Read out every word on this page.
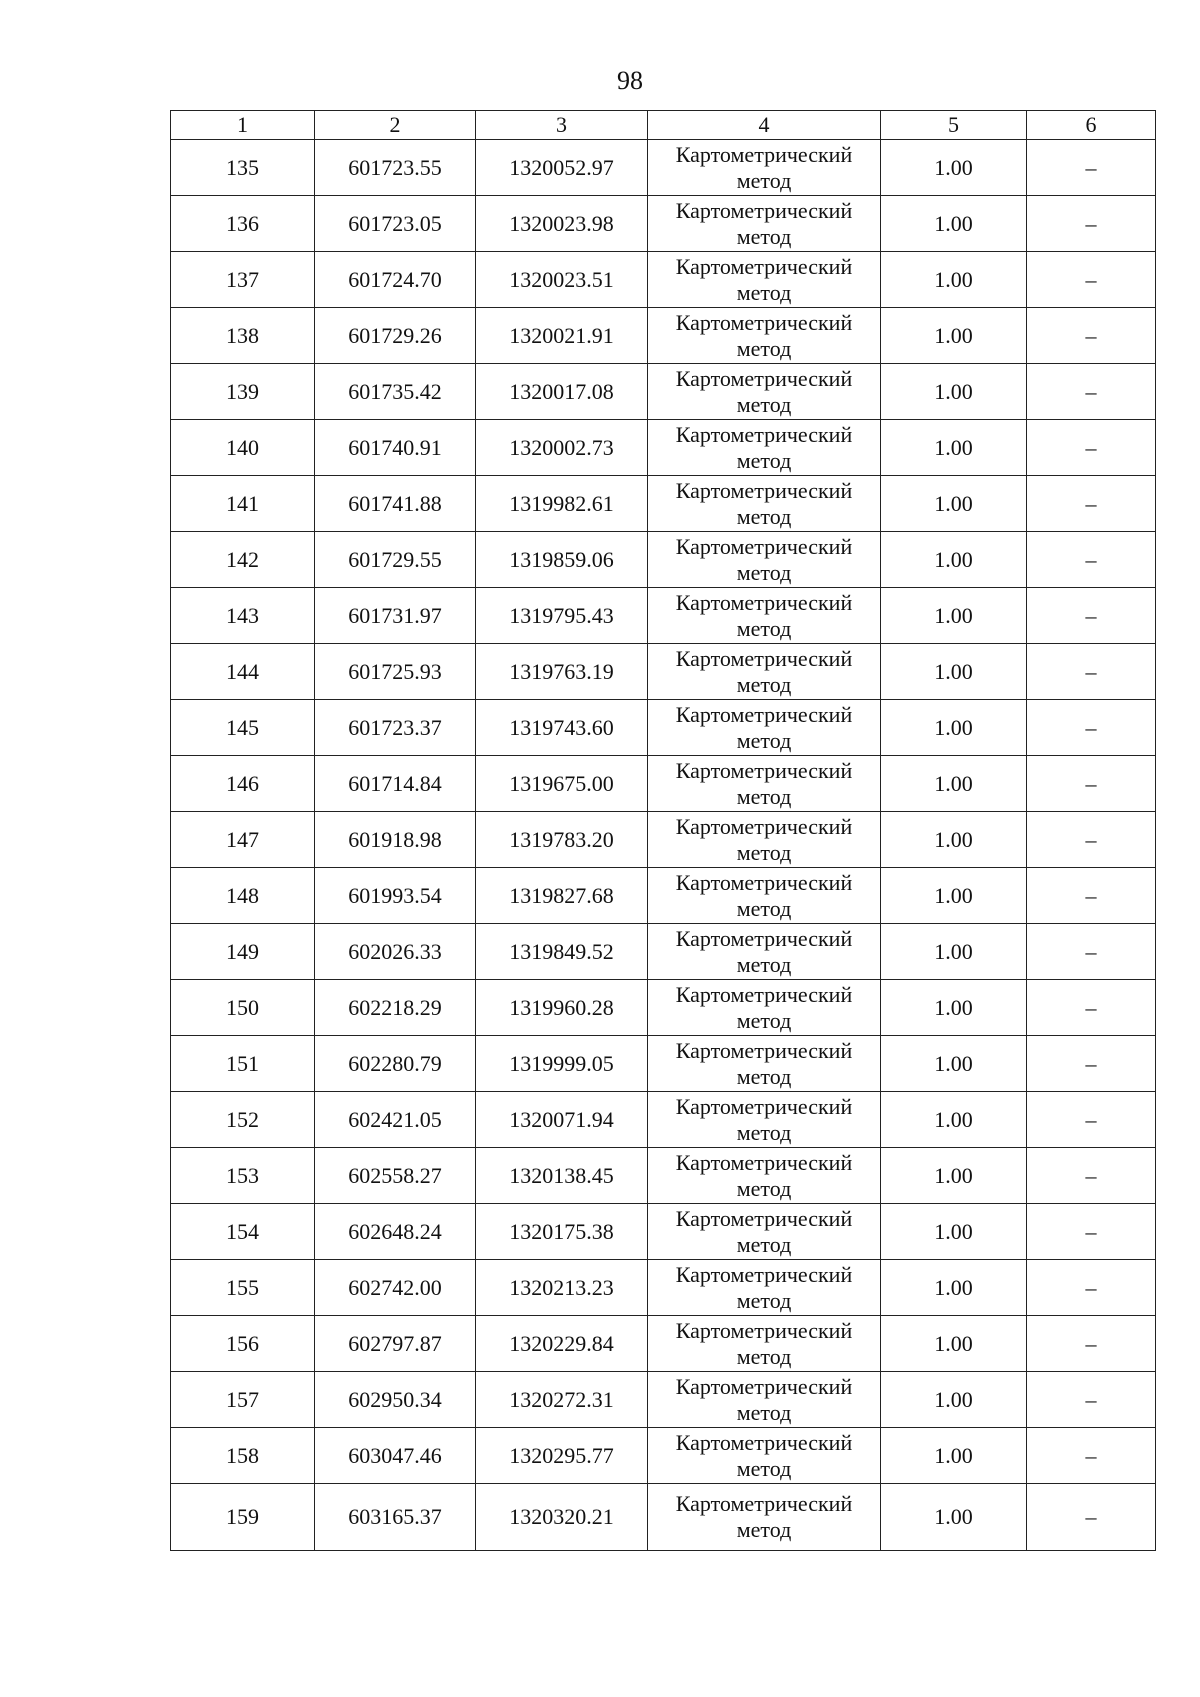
98
1	2	3	4	5	6
135	601723.55	1320052.97	Картометрический метод	1.00	–
136	601723.05	1320023.98	Картометрический метод	1.00	–
137	601724.70	1320023.51	Картометрический метод	1.00	–
138	601729.26	1320021.91	Картометрический метод	1.00	–
139	601735.42	1320017.08	Картометрический метод	1.00	–
140	601740.91	1320002.73	Картометрический метод	1.00	–
141	601741.88	1319982.61	Картометрический метод	1.00	–
142	601729.55	1319859.06	Картометрический метод	1.00	–
143	601731.97	1319795.43	Картометрический метод	1.00	–
144	601725.93	1319763.19	Картометрический метод	1.00	–
145	601723.37	1319743.60	Картометрический метод	1.00	–
146	601714.84	1319675.00	Картометрический метод	1.00	–
147	601918.98	1319783.20	Картометрический метод	1.00	–
148	601993.54	1319827.68	Картометрический метод	1.00	–
149	602026.33	1319849.52	Картометрический метод	1.00	–
150	602218.29	1319960.28	Картометрический метод	1.00	–
151	602280.79	1319999.05	Картометрический метод	1.00	–
152	602421.05	1320071.94	Картометрический метод	1.00	–
153	602558.27	1320138.45	Картометрический метод	1.00	–
154	602648.24	1320175.38	Картометрический метод	1.00	–
155	602742.00	1320213.23	Картометрический метод	1.00	–
156	602797.87	1320229.84	Картометрический метод	1.00	–
157	602950.34	1320272.31	Картометрический метод	1.00	–
158	603047.46	1320295.77	Картометрический метод	1.00	–
159	603165.37	1320320.21	Картометрический метод	1.00	–
